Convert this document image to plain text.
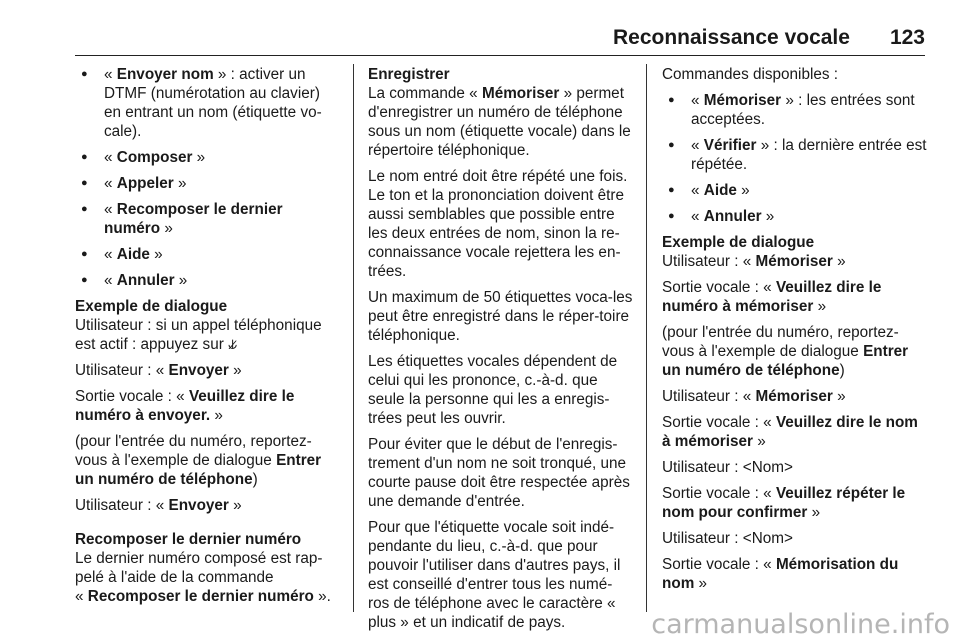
Reconnaissance vocale 123
● « Envoyer nom » : activer un DTMF (numérotation au clavier) en entrant un nom (étiquette vo-cale).
● « Composer »
● « Appeler »
● « Recomposer le dernier numéro »
● « Aide »
● « Annuler »
Exemple de dialogue

Utilisateur : si un appel téléphonique est actif : appuyez sur ⫝̸

Utilisateur : « Envoyer »

Sortie vocale : « Veuillez dire le numéro à envoyer. »

(pour l'entrée du numéro, reportez-vous à l'exemple de dialogue Entrer un numéro de téléphone)

Utilisateur : « Envoyer »

Recomposer le dernier numéro

Le dernier numéro composé est rap-pelé à l'aide de la commande
« Recomposer le dernier numéro ».

Enregistrer

La commande « Mémoriser » permet d'enregistrer un numéro de téléphone sous un nom (étiquette vocale) dans le répertoire téléphonique.

Le nom entré doit être répété une fois. Le ton et la prononciation doivent être aussi semblables que possible entre les deux entrées de nom, sinon la re-connaissance vocale rejettera les en-trées.

Un maximum de 50 étiquettes voca-les peut être enregistré dans le réper-toire téléphonique.

Les étiquettes vocales dépendent de celui qui les prononce, c.-à-d. que seule la personne qui les a enregis-trées peut les ouvrir.

Pour éviter que le début de l'enregis-trement d'un nom ne soit tronqué, une courte pause doit être respectée après une demande d'entrée.

Pour que l'étiquette vocale soit indé-pendante du lieu, c.-à-d. que pour pouvoir l'utiliser dans d'autres pays, il est conseillé d'entrer tous les numé-ros de téléphone avec le caractère « plus » et un indicatif de pays.

Commandes disponibles :

● « Mémoriser » : les entrées sont acceptées.
● « Vérifier » : la dernière entrée est répétée.
● « Aide »
● « Annuler »
Exemple de dialogue

Utilisateur : « Mémoriser »

Sortie vocale : « Veuillez dire le numéro à mémoriser »

(pour l'entrée du numéro, reportez-vous à l'exemple de dialogue Entrer un numéro de téléphone)

Utilisateur : « Mémoriser »

Sortie vocale : « Veuillez dire le nom à mémoriser »

Utilisateur : <Nom>

Sortie vocale : « Veuillez répéter le nom pour confirmer »

Utilisateur : <Nom>

Sortie vocale : « Mémorisation du nom »

carmanualsonline.info
